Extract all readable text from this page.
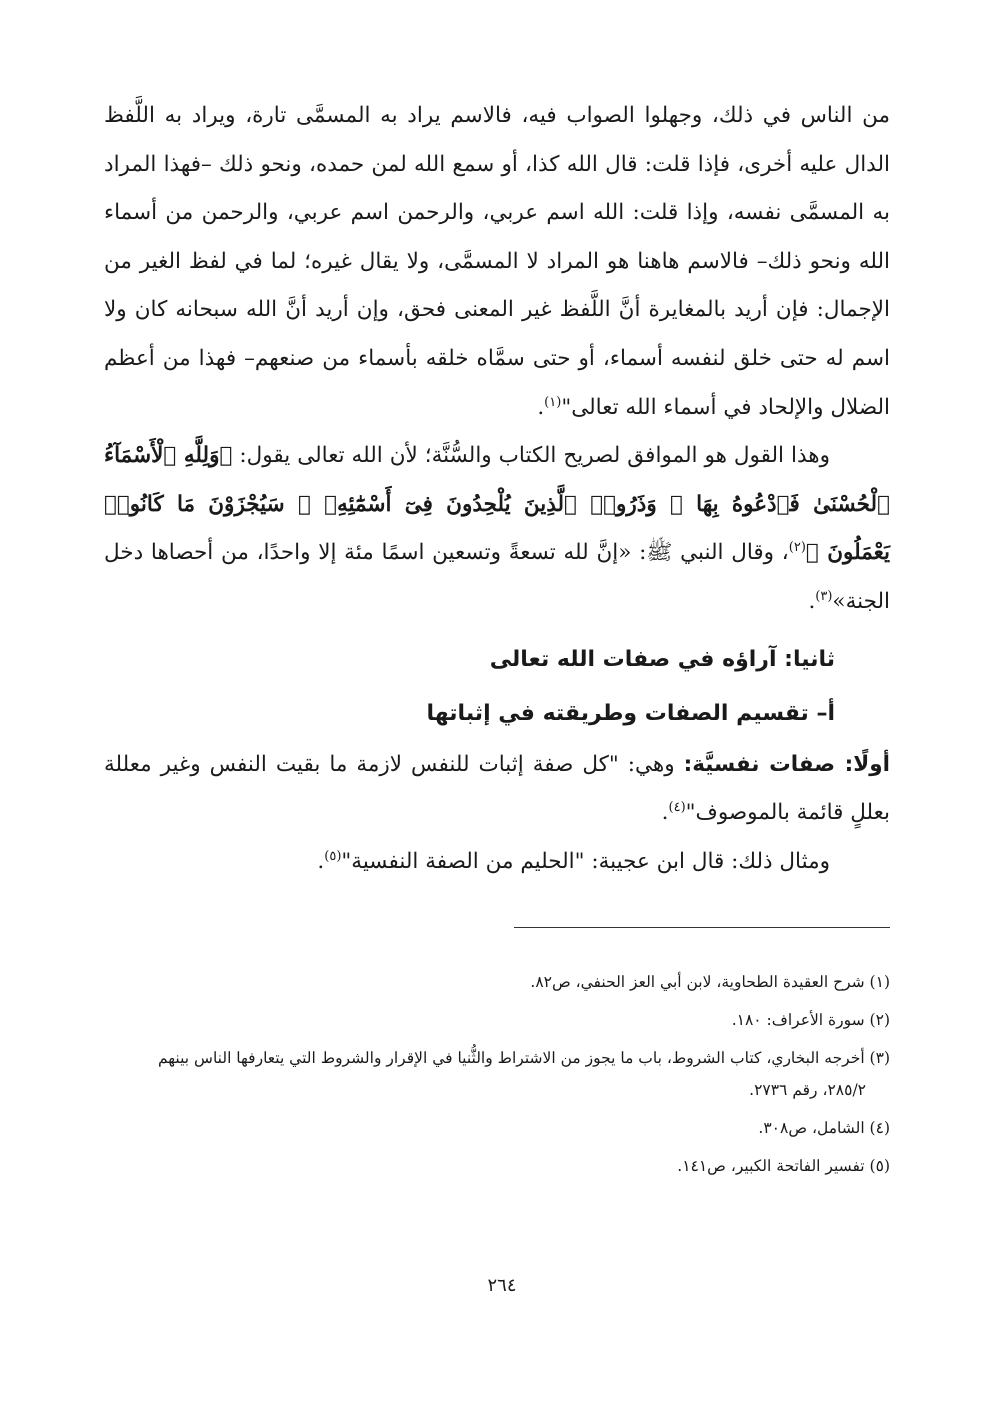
من الناس في ذلك، وجهلوا الصواب فيه، فالاسم يراد به المسمَّى تارة، ويراد به اللَّفظ الدال عليه أخرى، فإذا قلت: قال الله كذا، أو سمع الله لمن حمده، ونحو ذلك –فهذا المراد به المسمَّى نفسه، وإذا قلت: الله اسم عربي، والرحمن اسم عربي، والرحمن من أسماء الله ونحو ذلك– فالاسم هاهنا هو المراد لا المسمَّى، ولا يقال غيره؛ لما في لفظ الغير من الإجمال: فإن أريد بالمغايرة أنَّ اللَّفظ غير المعنى فحق، وإن أريد أنَّ الله سبحانه كان ولا اسم له حتى خلق لنفسه أسماء، أو حتى سمَّاه خلقه بأسماء من صنعهم– فهذا من أعظم الضلال والإلحاد في أسماء الله تعالى"$^{(١)}$.

وهذا القول هو الموافق لصريح الكتاب والسُّنَّة؛ لأن الله تعالى يقول: ﴿وَلِلَّهِ ٱلْأَسْمَآءُ ٱلْحُسْنَىٰ فَٱدْعُوهُ بِهَا ۖ وَذَرُوا۟ ٱلَّذِينَ يُلْحِدُونَ فِىٓ أَسْمَٰٓئِهِۦ ۚ سَيُجْزَوْنَ مَا كَانُوا۟ يَعْمَلُونَ ﴾$^{(٢)}$، وقال النبي ﷺ: «إنَّ لله تسعةً وتسعين اسمًا مئة إلا واحدًا، من أحصاها دخل الجنة»$^{(٣)}$.

ثانيا: آراؤه في صفات الله تعالى
أ– تقسيم الصفات وطريقته في إثباتها

أولًا: صفات نفسيَّة: وهي: "كل صفة إثبات للنفس لازمة ما بقيت النفس وغير معللة بعللٍ قائمة بالموصوف"$^{(٤)}$.

ومثال ذلك: قال ابن عجيبة: "الحليم من الصفة النفسية"$^{(٥)}$.

(١) شرح العقيدة الطحاوية، لابن أبي العز الحنفي، ص٨٢.

(٢) سورة الأعراف: ١٨٠.

(٣) أخرجه البخاري، كتاب الشروط، باب ما يجوز من الاشتراط والثُّنيا في الإقرار والشروط التي يتعارفها الناس بينهم
٢٨٥/٢، رقم ٢٧٣٦.

(٤) الشامل، ص٣٠٨.

(٥) تفسير الفاتحة الكبير، ص١٤١.

٢٦٤
